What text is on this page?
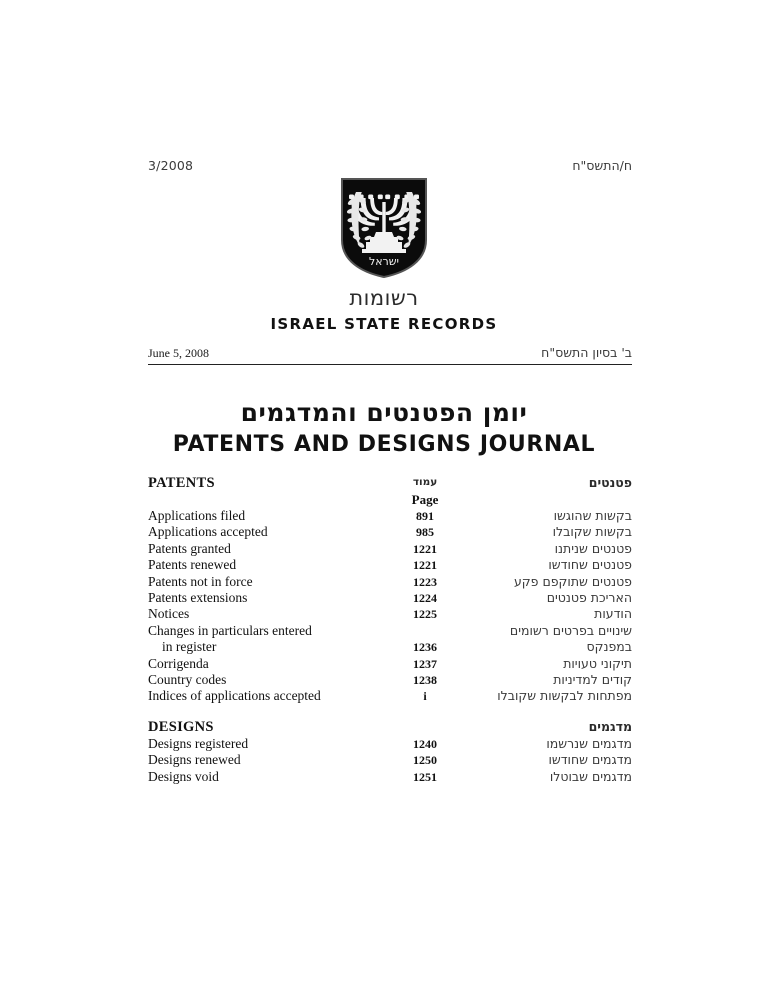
3/2008	ח/התשס"ח
ישראל
רשומות
ISRAEL STATE RECORDS
June 5, 2008	ב' בסיון התשס"ח
יומן הפטנטים והמדגמים
PATENTS AND DESIGNS JOURNAL
PATENTS	עמוד	פטנטים

	Page	

Applications filed	891	בקשות שהוגשו

Applications accepted	985	בקשות שקובלו

Patents granted	1221	פטנטים שניתנו

Patents renewed	1221	פטנטים שחודשו

Patents not in force	1223	פטנטים שתוקפם פקע

Patents extensions	1224	האריכת פטנטים

Notices	1225	הודעות

Changes in particulars entered
in register	1236	שינויים בפרטים רשומים
במפנקס

Corrigenda	1237	תיקוני טעויות

Country codes	1238	קודים למדיניות

Indices of applications accepted	i	מפתחות לבקשות שקובלו

DESIGNS		מדגמים

Designs registered	1240	מדגמים שנרשמו

Designs renewed	1250	מדגמים שחודשו

Designs void	1251	מדגמים שבוטלו
